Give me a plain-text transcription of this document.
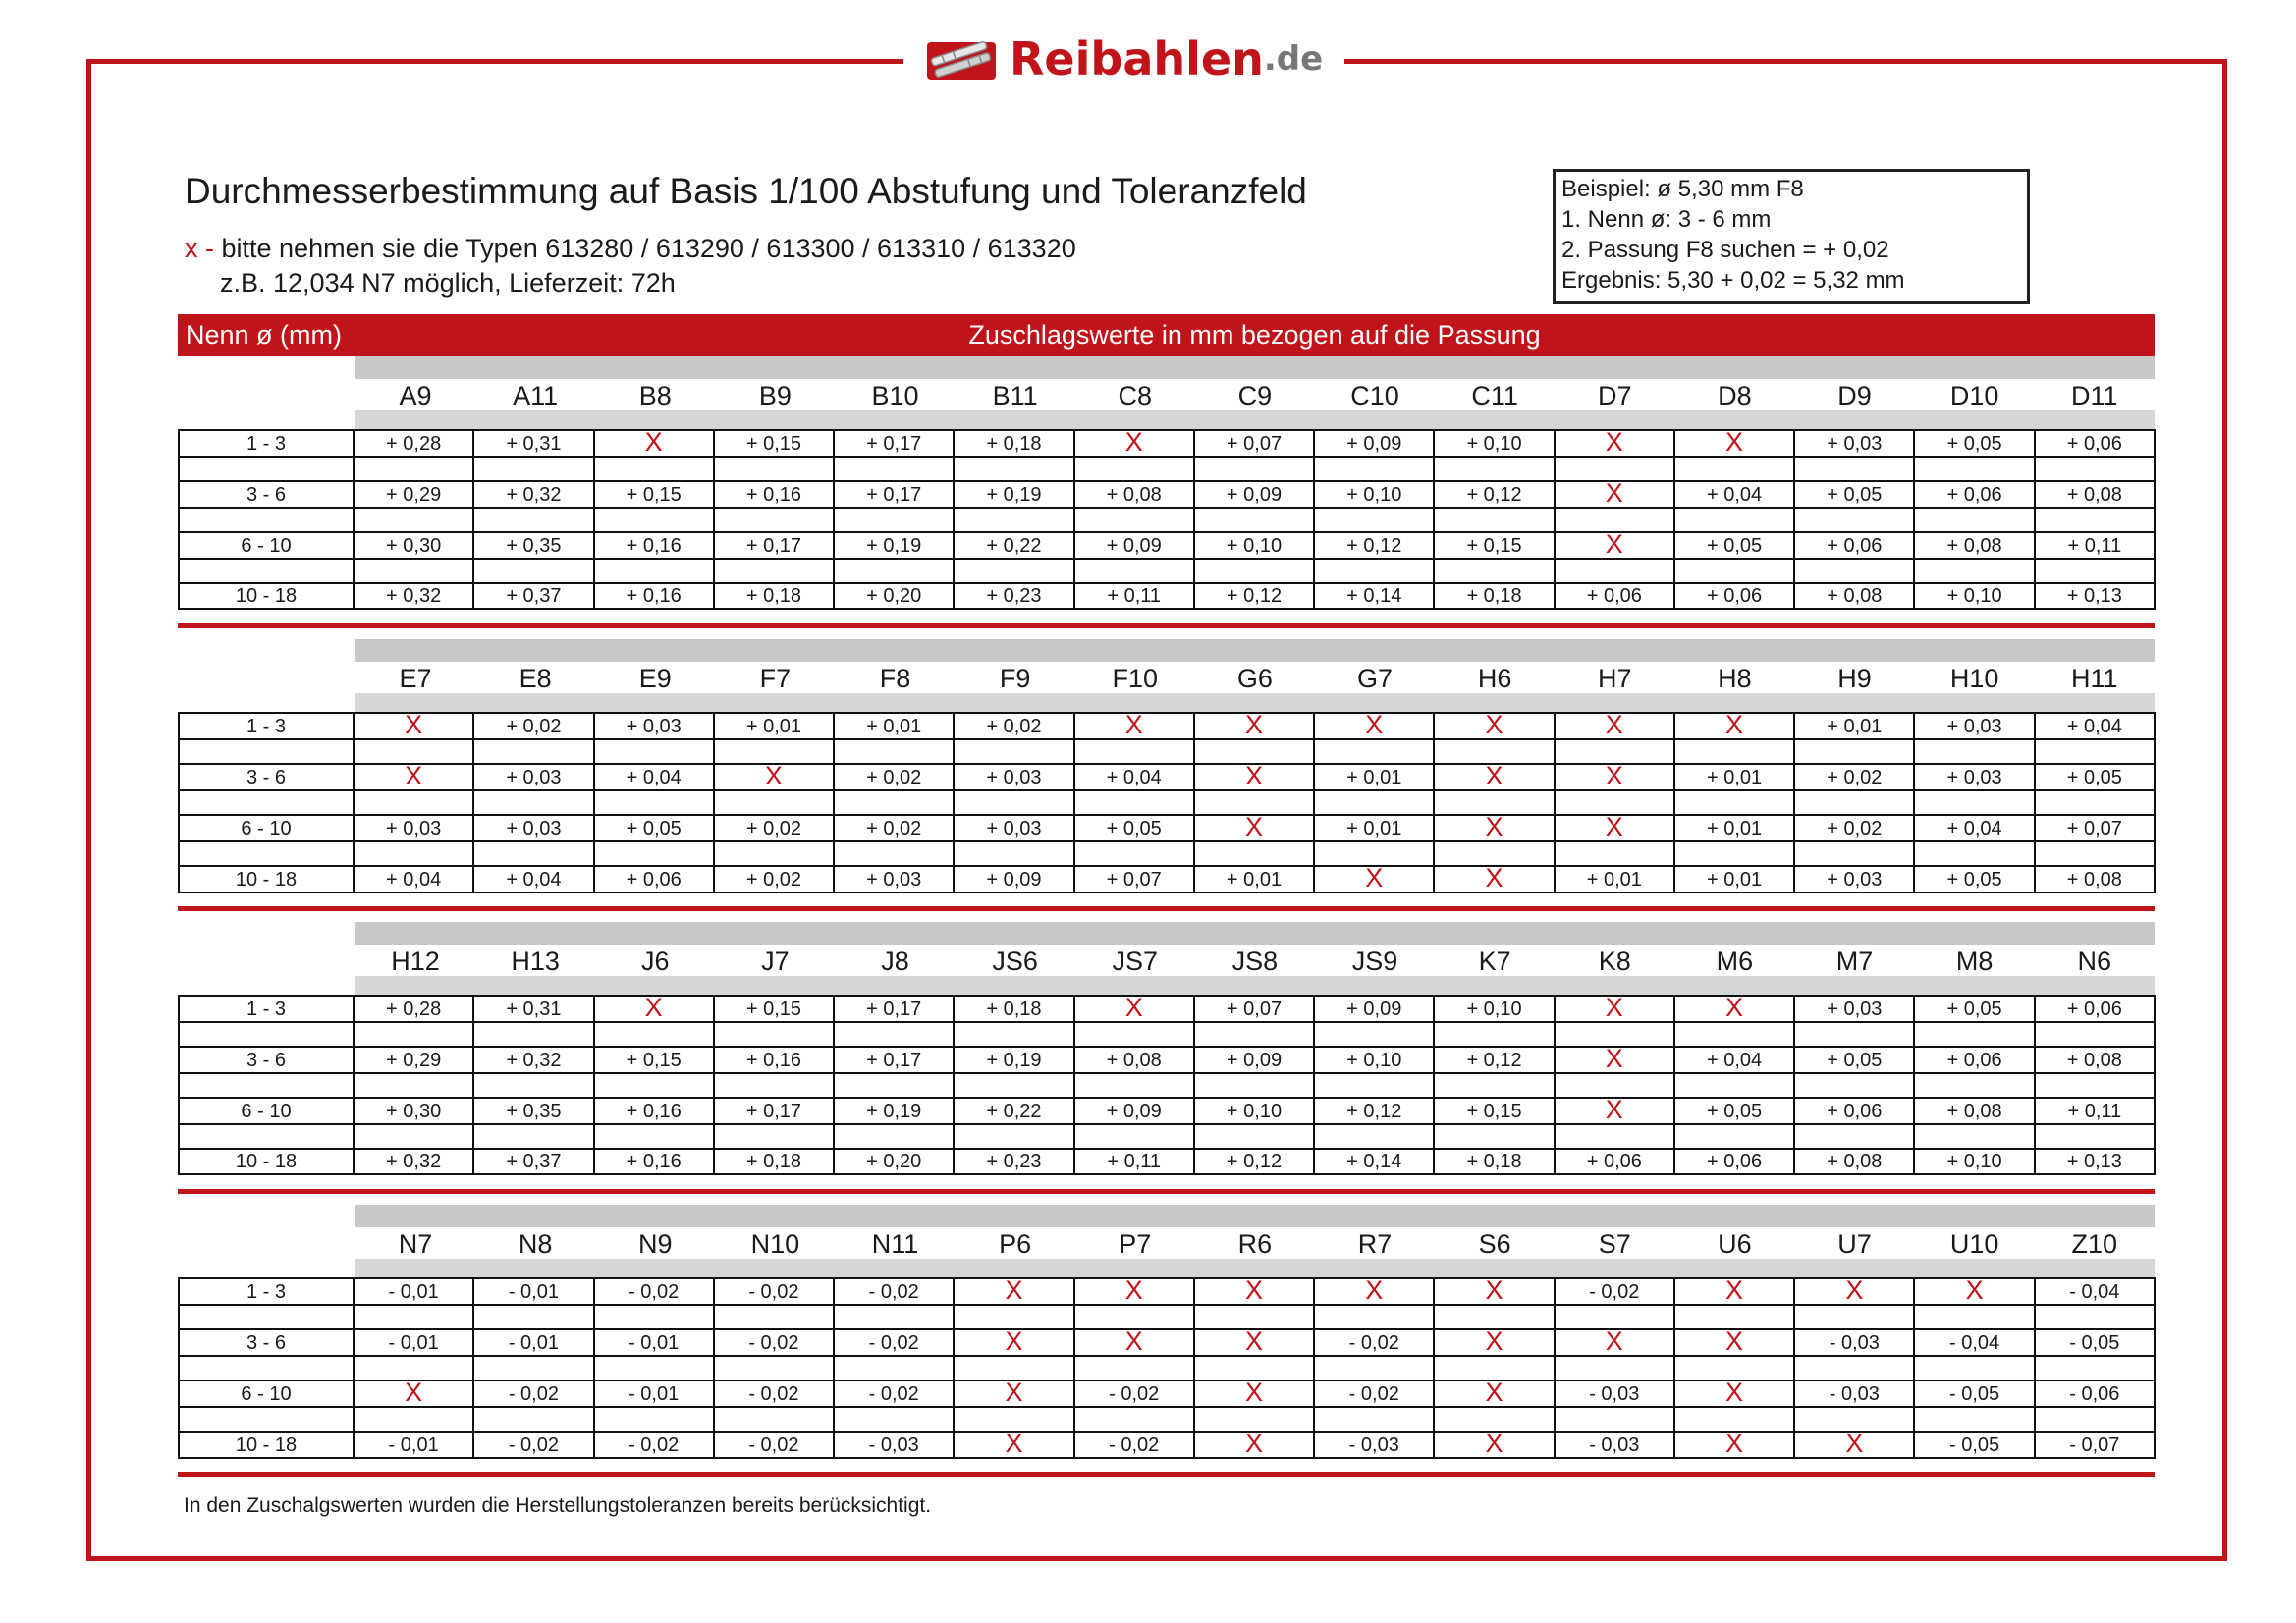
Reibahlen .de
Durchmesserbestimmung auf Basis 1/100 Abstufung und Toleranzfeld
x - bitte nehmen sie die Typen 613280 / 613290 / 613300 / 613310 / 613320
z.B. 12,034 N7 möglich, Lieferzeit: 72h
Beispiel: ø 5,30 mm F8
1. Nenn ø: 3 - 6 mm
2. Passung F8 suchen = + 0,02
Ergebnis: 5,30 + 0,02 = 5,32 mm
Nenn ø (mm)	Zuschlagswerte in mm bezogen auf die Passung
A9	A11	B8	B9	B10	B11	C8	C9	C10	C11	D7	D8	D9	D10	D11
1 - 3	+ 0,28	+ 0,31	X	+ 0,15	+ 0,17	+ 0,18	X	+ 0,07	+ 0,09	+ 0,10	X	X	+ 0,03	+ 0,05	+ 0,06

3 - 6	+ 0,29	+ 0,32	+ 0,15	+ 0,16	+ 0,17	+ 0,19	+ 0,08	+ 0,09	+ 0,10	+ 0,12	X	+ 0,04	+ 0,05	+ 0,06	+ 0,08

6 - 10	+ 0,30	+ 0,35	+ 0,16	+ 0,17	+ 0,19	+ 0,22	+ 0,09	+ 0,10	+ 0,12	+ 0,15	X	+ 0,05	+ 0,06	+ 0,08	+ 0,11

10 - 18	+ 0,32	+ 0,37	+ 0,16	+ 0,18	+ 0,20	+ 0,23	+ 0,11	+ 0,12	+ 0,14	+ 0,18	+ 0,06	+ 0,06	+ 0,08	+ 0,10	+ 0,13
E7	E8	E9	F7	F8	F9	F10	G6	G7	H6	H7	H8	H9	H10	H11
1 - 3	X	+ 0,02	+ 0,03	+ 0,01	+ 0,01	+ 0,02	X	X	X	X	X	X	+ 0,01	+ 0,03	+ 0,04

3 - 6	X	+ 0,03	+ 0,04	X	+ 0,02	+ 0,03	+ 0,04	X	+ 0,01	X	X	+ 0,01	+ 0,02	+ 0,03	+ 0,05

6 - 10	+ 0,03	+ 0,03	+ 0,05	+ 0,02	+ 0,02	+ 0,03	+ 0,05	X	+ 0,01	X	X	+ 0,01	+ 0,02	+ 0,04	+ 0,07

10 - 18	+ 0,04	+ 0,04	+ 0,06	+ 0,02	+ 0,03	+ 0,09	+ 0,07	+ 0,01	X	X	+ 0,01	+ 0,01	+ 0,03	+ 0,05	+ 0,08
H12	H13	J6	J7	J8	JS6	JS7	JS8	JS9	K7	K8	M6	M7	M8	N6
1 - 3	+ 0,28	+ 0,31	X	+ 0,15	+ 0,17	+ 0,18	X	+ 0,07	+ 0,09	+ 0,10	X	X	+ 0,03	+ 0,05	+ 0,06

3 - 6	+ 0,29	+ 0,32	+ 0,15	+ 0,16	+ 0,17	+ 0,19	+ 0,08	+ 0,09	+ 0,10	+ 0,12	X	+ 0,04	+ 0,05	+ 0,06	+ 0,08

6 - 10	+ 0,30	+ 0,35	+ 0,16	+ 0,17	+ 0,19	+ 0,22	+ 0,09	+ 0,10	+ 0,12	+ 0,15	X	+ 0,05	+ 0,06	+ 0,08	+ 0,11

10 - 18	+ 0,32	+ 0,37	+ 0,16	+ 0,18	+ 0,20	+ 0,23	+ 0,11	+ 0,12	+ 0,14	+ 0,18	+ 0,06	+ 0,06	+ 0,08	+ 0,10	+ 0,13
N7	N8	N9	N10	N11	P6	P7	R6	R7	S6	S7	U6	U7	U10	Z10
1 - 3	- 0,01	- 0,01	- 0,02	- 0,02	- 0,02	X	X	X	X	X	- 0,02	X	X	X	- 0,04

3 - 6	- 0,01	- 0,01	- 0,01	- 0,02	- 0,02	X	X	X	- 0,02	X	X	X	- 0,03	- 0,04	- 0,05

6 - 10	X	- 0,02	- 0,01	- 0,02	- 0,02	X	- 0,02	X	- 0,02	X	- 0,03	X	- 0,03	- 0,05	- 0,06

10 - 18	- 0,01	- 0,02	- 0,02	- 0,02	- 0,03	X	- 0,02	X	- 0,03	X	- 0,03	X	X	- 0,05	- 0,07
In den Zuschalgswerten wurden die Herstellungstoleranzen bereits berücksichtigt.
